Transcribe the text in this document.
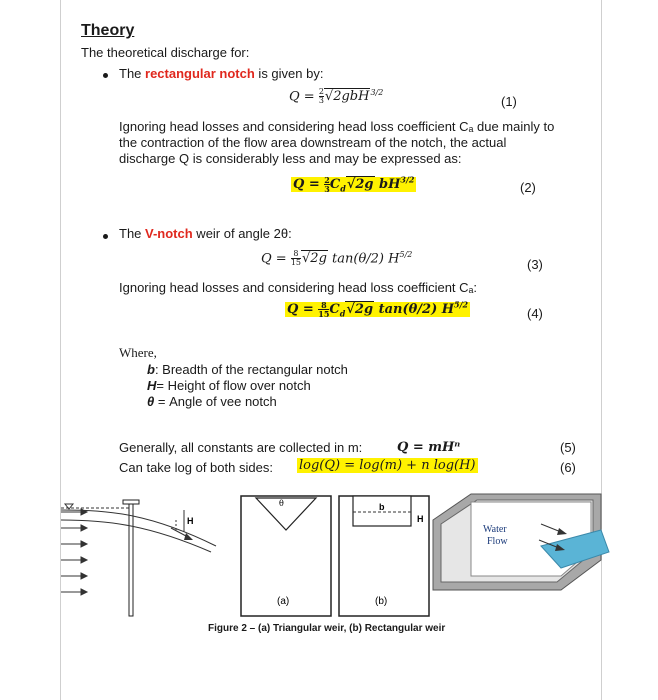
Theory
The theoretical discharge for:
The rectangular notch is given by:
$Q = \frac{2}{3} √2gbH^{3/2}$
(1)
Ignoring head losses and considering head loss coefficient Cₐ due mainly to
the contraction of the flow area downstream of the notch, the actual
discharge Q is considerably less and may be expressed as:
$Q = \frac{2}{3} C_d√2g$ $bH^{3/2}$	(2)
The V-notch weir of angle 2θ:
$Q = \frac{8}{15} √2g$ tan(θ/2) $H^{5/2}$
(3)
Ignoring head losses and considering head loss coefficient Cₐ:
$Q = \frac{8}{15} C_d√2g$ tan(θ/2) $H^{5/2}$
(4)
Where,
b: Breadth of the rectangular notch
H= Height of flow over notch
θ = Angle of vee notch
Generally, all constants are collected in m:	Q = mHⁿ	(5)
Can take log of both sides: log(Q) = log(m) + n log(H)	(6)
H
θ
(a)
b
H
(b)
Water Flow
Figure 2 – (a) Triangular weir, (b) Rectangular weir
